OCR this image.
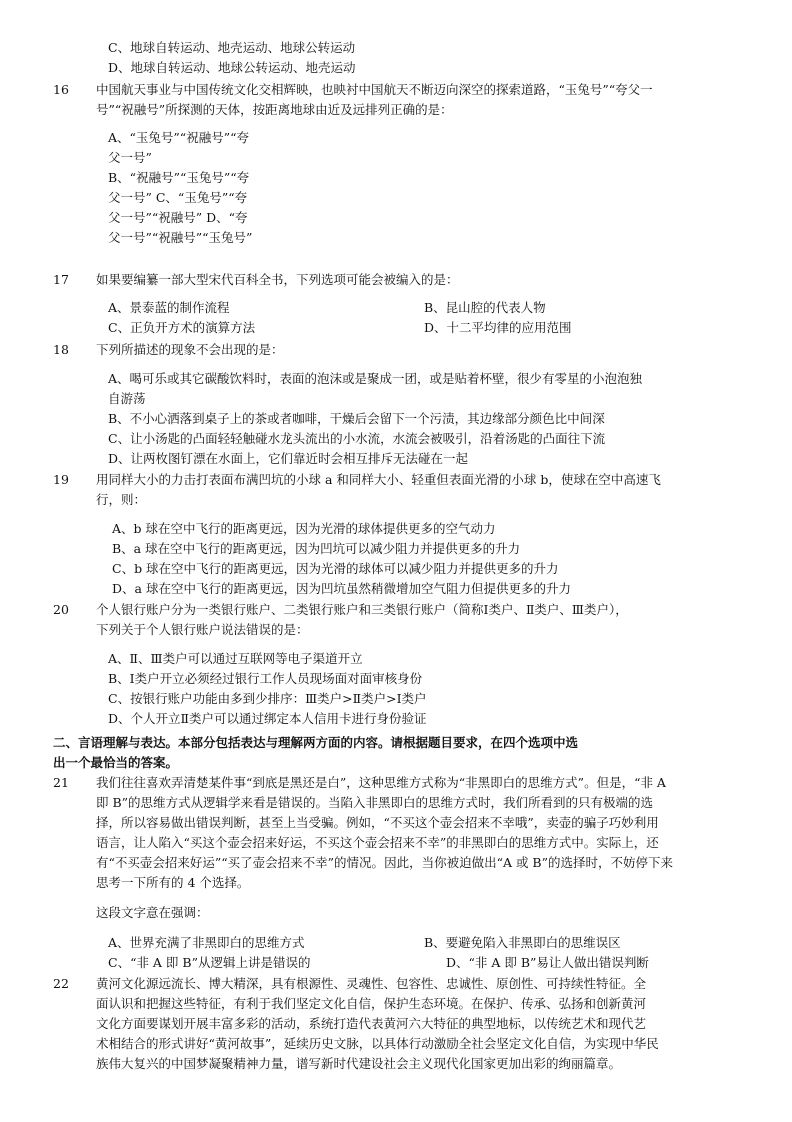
C、地球自转运动、地壳运动、地球公转运动
D、地球自转运动、地球公转运动、地壳运动
16 中国航天事业与中国传统文化交相辉映，也映衬中国航天不断迈向深空的探索道路，“玉兔号”“夸父一
号”“祝融号”所探测的天体，按距离地球由近及远排列正确的是：
A、“玉兔号”“祝融号”“夸
父一号”
B、“祝融号”“玉兔号”“夸
父一号” C、“玉兔号”“夸
父一号”“祝融号” D、“夸
父一号”“祝融号”“玉兔号”
17 如果要编纂一部大型宋代百科全书，下列选项可能会被编入的是：
A、景泰蓝的制作流程	B、昆山腔的代表人物
C、正负开方术的演算方法	D、十二平均律的应用范围
18 下列所描述的现象不会出现的是：
A、喝可乐或其它碳酸饮料时，表面的泡沫或是聚成一团，或是贴着杯壁，很少有零星的小泡泡独
自游荡
B、不小心洒落到桌子上的茶或者咖啡，干燥后会留下一个污渍，其边缘部分颜色比中间深
C、让小汤匙的凸面轻轻触碰水龙头流出的小水流，水流会被吸引，沿着汤匙的凸面往下流
D、让两枚图钉漂在水面上，它们靠近时会相互排斥无法碰在一起
19 用同样大小的力击打表面布满凹坑的小球 a 和同样大小、轻重但表面光滑的小球 b，使球在空中高速飞
行，则：
A、b 球在空中飞行的距离更远，因为光滑的球体提供更多的空气动力
B、a 球在空中飞行的距离更远，因为凹坑可以减少阻力并提供更多的升力
C、b 球在空中飞行的距离更远，因为光滑的球体可以减少阻力并提供更多的升力
D、a 球在空中飞行的距离更远，因为凹坑虽然稍微增加空气阻力但提供更多的升力
20 个人银行账户分为一类银行账户、二类银行账户和三类银行账户（简称Ⅰ类户、Ⅱ类户、Ⅲ类户），
下列关于个人银行账户说法错误的是：
A、Ⅱ、Ⅲ类户可以通过互联网等电子渠道开立
B、Ⅰ类户开立必须经过银行工作人员现场面对面审核身份
C、按银行账户功能由多到少排序：Ⅲ类户>Ⅱ类户>Ⅰ类户
D、个人开立Ⅱ类户可以通过绑定本人信用卡进行身份验证
二、言语理解与表达。本部分包括表达与理解两方面的内容。请根据题目要求，在四个选项中选
出一个最恰当的答案。
21 我们往往喜欢弄清楚某件事“到底是黑还是白”，这种思维方式称为“非黑即白的思维方式”。但是，“非 A
即 B”的思维方式从逻辑学来看是错误的。当陷入非黑即白的思维方式时，我们所看到的只有极端的选
择，所以容易做出错误判断，甚至上当受骗。例如，“不买这个壶会招来不幸哦”，卖壶的骗子巧妙利用
语言，让人陷入“买这个壶会招来好运，不买这个壶会招来不幸”的非黑即白的思维方式中。实际上，还
有“不买壶会招来好运”“买了壶会招来不幸”的情况。因此，当你被迫做出“A 或 B”的选择时，不妨停下来
思考一下所有的 4 个选择。
这段文字意在强调：
A、世界充满了非黑即白的思维方式	B、要避免陷入非黑即白的思维误区
C、“非 A 即 B”从逻辑上讲是错误的	D、“非 A 即 B”易让人做出错误判断
22 黄河文化源远流长、博大精深，具有根源性、灵魂性、包容性、忠诚性、原创性、可持续性特征。全
面认识和把握这些特征，有利于我们坚定文化自信，保护生态环境。在保护、传承、弘扬和创新黄河
文化方面要谋划开展丰富多彩的活动，系统打造代表黄河六大特征的典型地标，以传统艺术和现代艺
术相结合的形式讲好“黄河故事”，延续历史文脉，以具体行动激励全社会坚定文化自信，为实现中华民
族伟大复兴的中国梦凝聚精神力量，谱写新时代建设社会主义现代化国家更加出彩的绚丽篇章。
